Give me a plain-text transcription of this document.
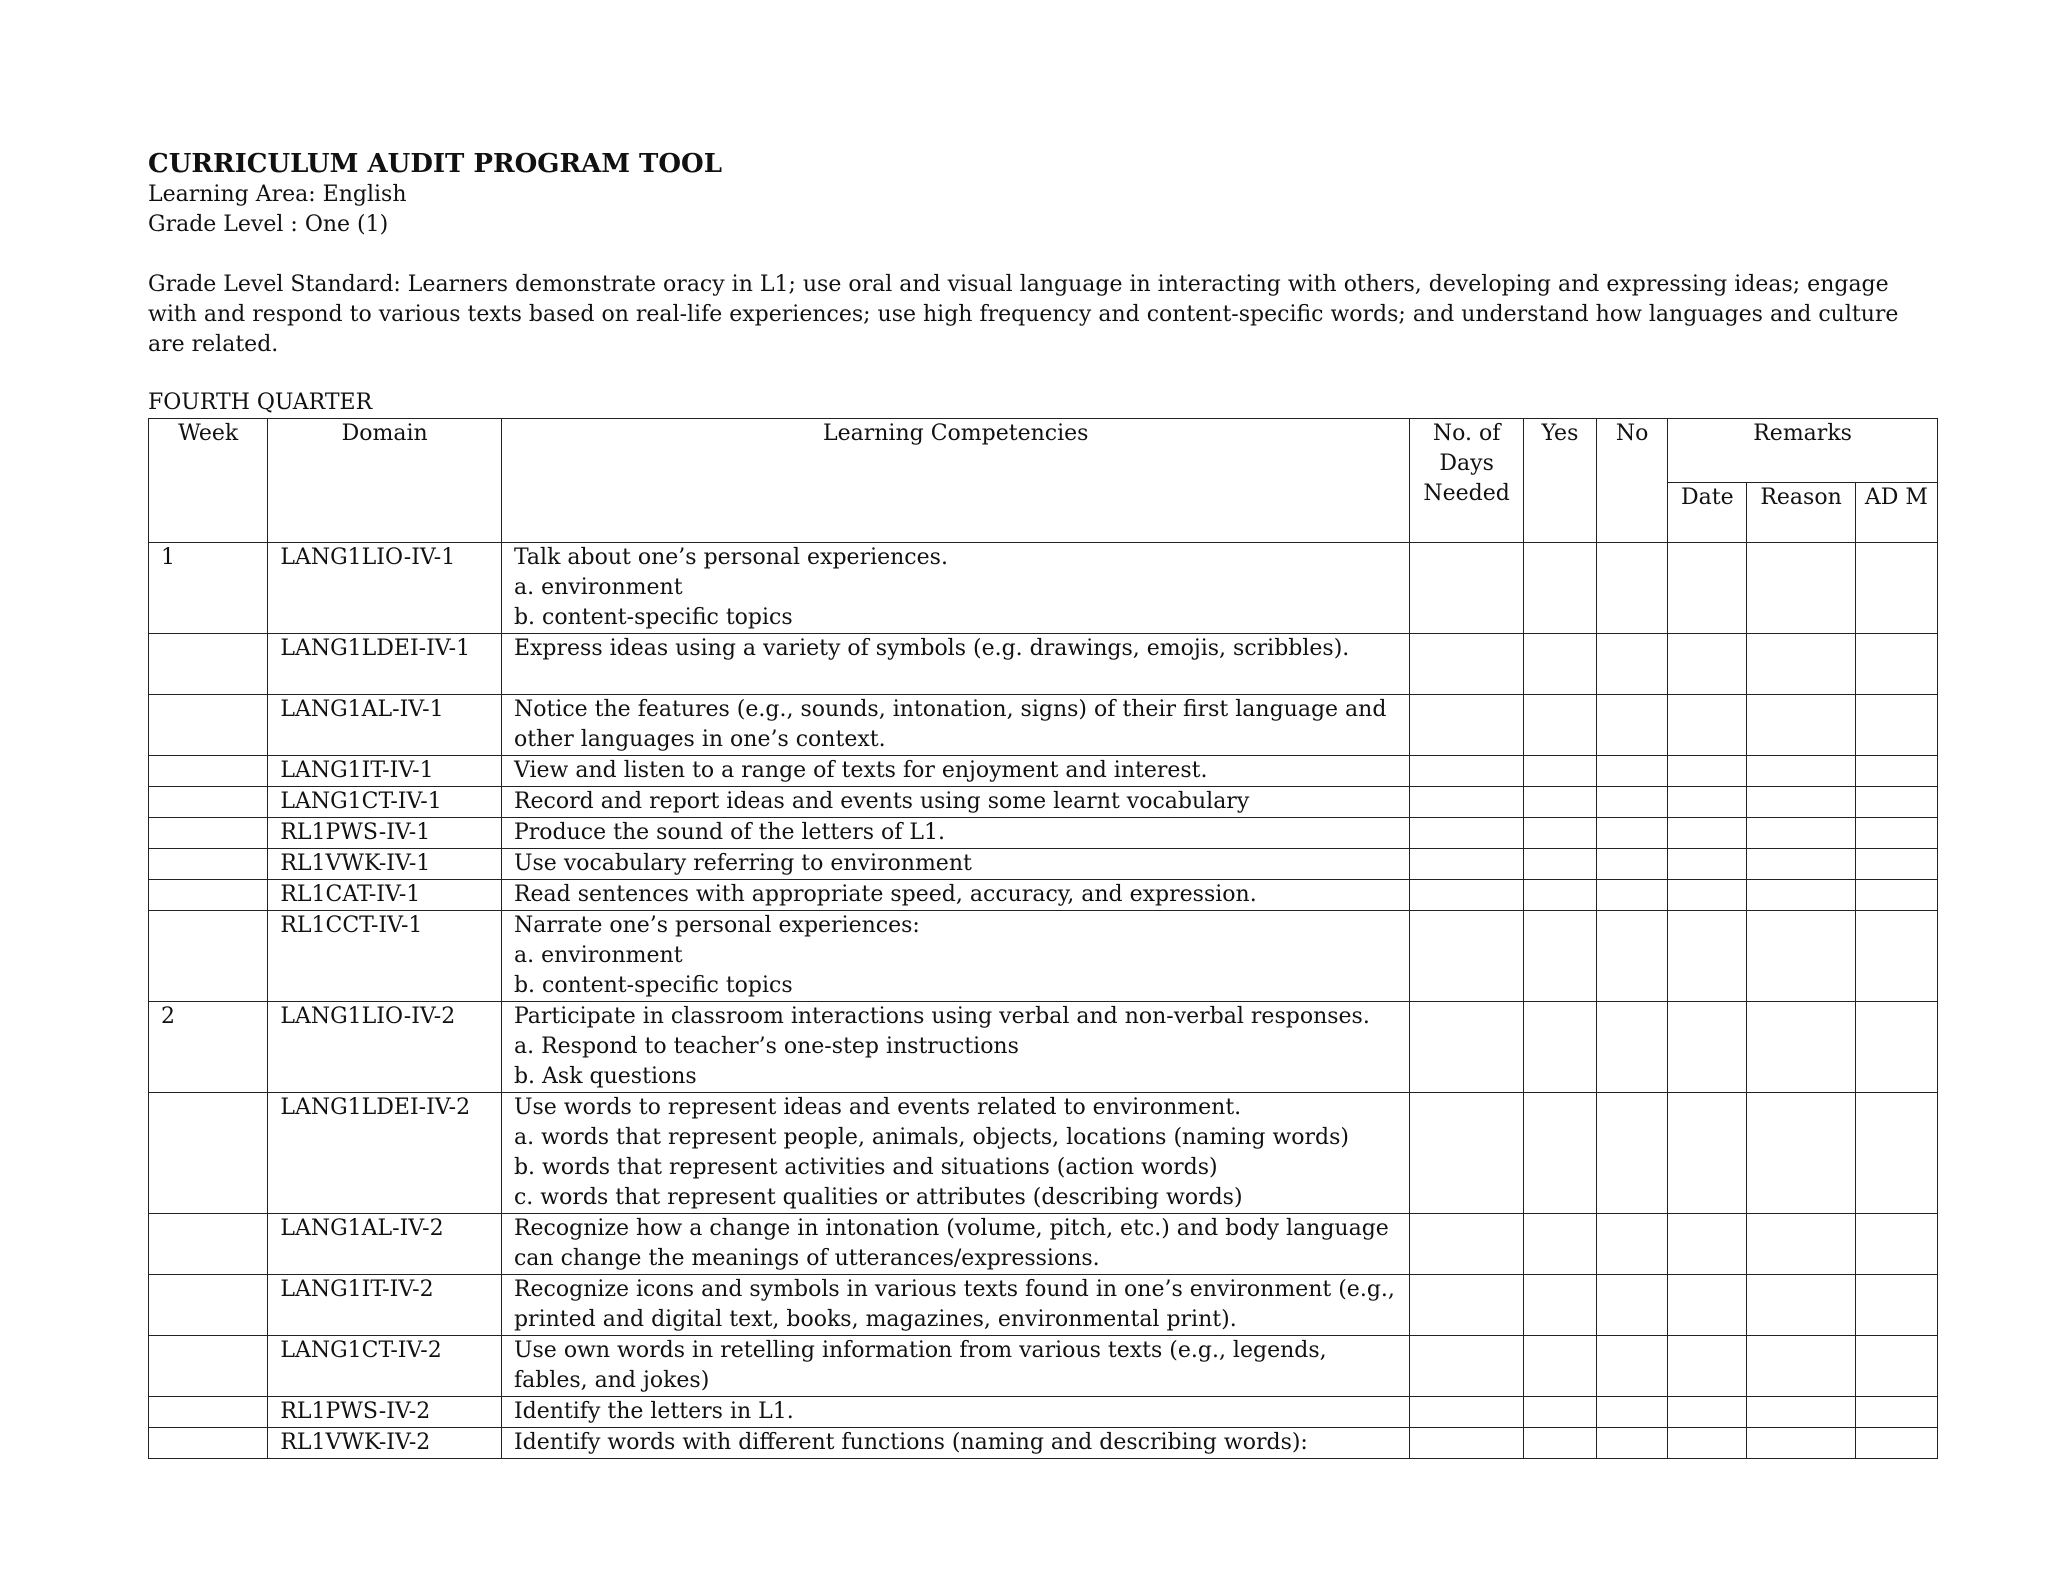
CURRICULUM AUDIT PROGRAM TOOL

Learning Area: English

Grade Level : One (1)

Grade Level Standard: Learners demonstrate oracy in L1; use oral and visual language in interacting with others, developing and expressing ideas; engage with and respond to various texts based on real-life experiences; use high frequency and content-specific words; and understand how languages and culture are related.

FOURTH QUARTER

Week	Domain	Learning Competencies	No. of Days Needed	Yes	No	Remarks		
						Date	Reason	AD M
1	LANG1LIO-IV-1	Talk about one’s personal experiences.
a. environment
b. content-specific topics						

	LANG1LDEI-IV-1	Express ideas using a variety of symbols (e.g. drawings, emojis, scribbles).						

	LANG1AL-IV-1	Notice the features (e.g., sounds, intonation, signs) of their first language and other languages in one’s context.						

	LANG1IT-IV-1	View and listen to a range of texts for enjoyment and interest.						

	LANG1CT-IV-1	Record and report ideas and events using some learnt vocabulary						

	RL1PWS-IV-1	Produce the sound of the letters of L1.						

	RL1VWK-IV-1	Use vocabulary referring to environment						

	RL1CAT-IV-1	Read sentences with appropriate speed, accuracy, and expression.						

	RL1CCT-IV-1	Narrate one’s personal experiences:
a. environment
b. content-specific topics						

2	LANG1LIO-IV-2	Participate in classroom interactions using verbal and non-verbal responses.
a. Respond to teacher’s one-step instructions
b. Ask questions						

	LANG1LDEI-IV-2	Use words to represent ideas and events related to environment.
a. words that represent people, animals, objects, locations (naming words)
b. words that represent activities and situations (action words)
c. words that represent qualities or attributes (describing words)						

	LANG1AL-IV-2	Recognize how a change in intonation (volume, pitch, etc.) and body language can change the meanings of utterances/expressions.						

	LANG1IT-IV-2	Recognize icons and symbols in various texts found in one’s environment (e.g., printed and digital text, books, magazines, environmental print).						

	LANG1CT-IV-2	Use own words in retelling information from various texts (e.g., legends, fables, and jokes)						

	RL1PWS-IV-2	Identify the letters in L1.						

	RL1VWK-IV-2	Identify words with different functions (naming and describing words):						
